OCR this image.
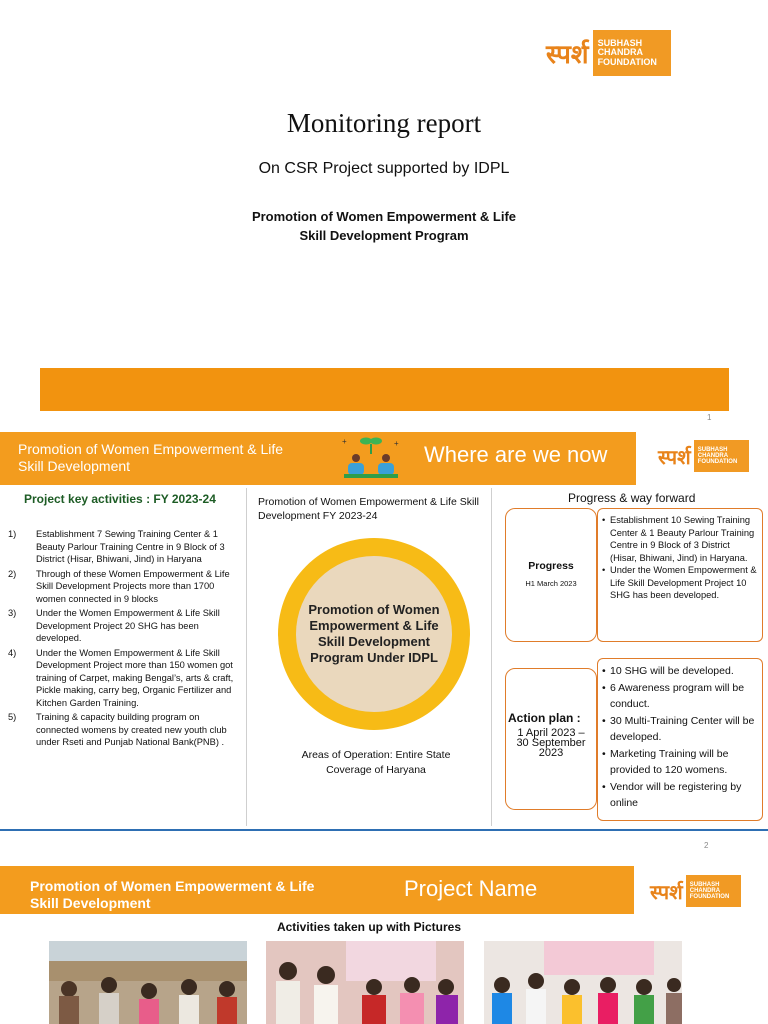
स्पर्श	SUBHASH
CHANDRA
FOUNDATION
Monitoring report
On CSR Project supported by IDPL
Promotion of Women Empowerment & Life
Skill Development Program
1
Promotion of Women Empowerment & Life
Skill Development
+	+ Where are we now	स्पर्श	SUBHASH
CHANDRA
FOUNDATION
Project key activities : FY 2023-24
1)	Establishment 7 Sewing Training Center & 1 Beauty Parlour Training Centre in 9 Block of 3 District (Hisar, Bhiwani, Jind) in Haryana
2)	Through of these Women Empowerment & Life Skill Development Projects more than 1700 women connected in 9 blocks
3)	Under the Women Empowerment & Life Skill Development Project 20 SHG has been developed.
4)	Under the Women Empowerment & Life Skill Development Project more than 150 women got training of Carpet, making Bengal’s, arts & craft, Pickle making, carry beg, Organic Fertilizer and Kitchen Garden Training.
5)	Training & capacity building program on connected womens by created new youth club under Rseti and Punjab National Bank(PNB) .
Promotion of Women Empowerment & Life Skill Development FY 2023-24
Promotion of Women Empowerment & Life Skill Development Program Under IDPL
Areas of Operation: Entire State
Coverage of Haryana
Progress & way forward
Progress
H1 March 2023
• Establishment 10 Sewing Training Center & 1 Beauty Parlour Training Centre in 9 Block of 3 District (Hisar, Bhiwani, Jind) in Haryana.
• Under the Women Empowerment & Life Skill Development Project 10 SHG has been developed.
Action plan :
1 April 2023 –
30 September
2023
• 10 SHG will be developed.
• 6 Awareness program will be conduct.
• 30 Multi-Training Center will be developed.
• Marketing Training will be provided to 120 womens.
• Vendor will be registering by online
2
Promotion of Women Empowerment & Life
Skill Development
Project Name	स्पर्श	SUBHASH
CHANDRA
FOUNDATION
Activities taken up with Pictures
